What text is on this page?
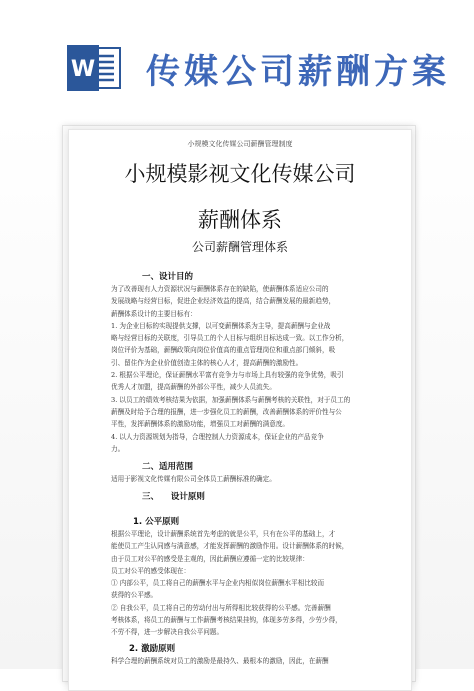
W 传媒公司薪酬方案
小规模文化传媒公司薪酬管理制度
小规模影视文化传媒公司
薪酬体系
公司薪酬管理体系
一、设计目的
为了改善现有人力资源状况与薪酬体系存在的缺陷，使薪酬体系适应公司的
发展战略与经营目标，促进企业经济效益的提高，结合薪酬发展的最新趋势，
薪酬体系设计的主要目标有：
1. 为企业目标的实现提供支撑，以可变薪酬体系为主导，提高薪酬与企业战
略与经营目标的关联度，引导员工的个人目标与组织目标达成一致。以工作分析，
岗位评价为基础，薪酬政策向岗位价值高的重点管理岗位和重点部门倾斜，吸
引、留住作为企业价值创造主体的核心人才，提高薪酬的激励性。
2. 根据公平理论，保证薪酬水平富有竞争力与市场上具有较强的竞争优势，吸引
优秀人才加盟，提高薪酬的外部公平性，减少人员流失。
3. 以员工的绩效考核结果为依据，加强薪酬体系与薪酬考核的关联性，对于员工的
薪酬及时给予合理的报酬，进一步强化员工的薪酬，改善薪酬体系的评价性与公
平性，发挥薪酬体系的激励功能，增强员工对薪酬的满意度。
4. 以人力资源规划为指导，合理控制人力资源成本，保证企业的产品竞争
力。
二、适用范围
适用于影视文化传媒有限公司全体员工薪酬标准的确定。
三、    设计原则
1. 公平原则
根据公平理论，设计薪酬系统首先考虑的就是公平，只有在公平的基础上，才
能使员工产生认同感与满意感，才能发挥薪酬的激励作用。设计薪酬体系的时候，
由于员工对公平的感受是主观的，因此薪酬应遵循一定的比较规律：
员工对公平的感受体现在：
① 内部公平，员工将自己的薪酬水平与企业内相似岗位薪酬水平相比较而
获得的公平感。
② 自我公平，员工将自己的劳动付出与所得相比较获得的公平感。完善薪酬
考核体系，将员工的薪酬与工作薪酬考核结果挂钩，体现多劳多得，少劳少得，
不劳不得，进一步解决自我公平问题。
2. 激励原则
科学合理的薪酬系统对员工的激励是最持久、最根本的激励，因此，在薪酬
